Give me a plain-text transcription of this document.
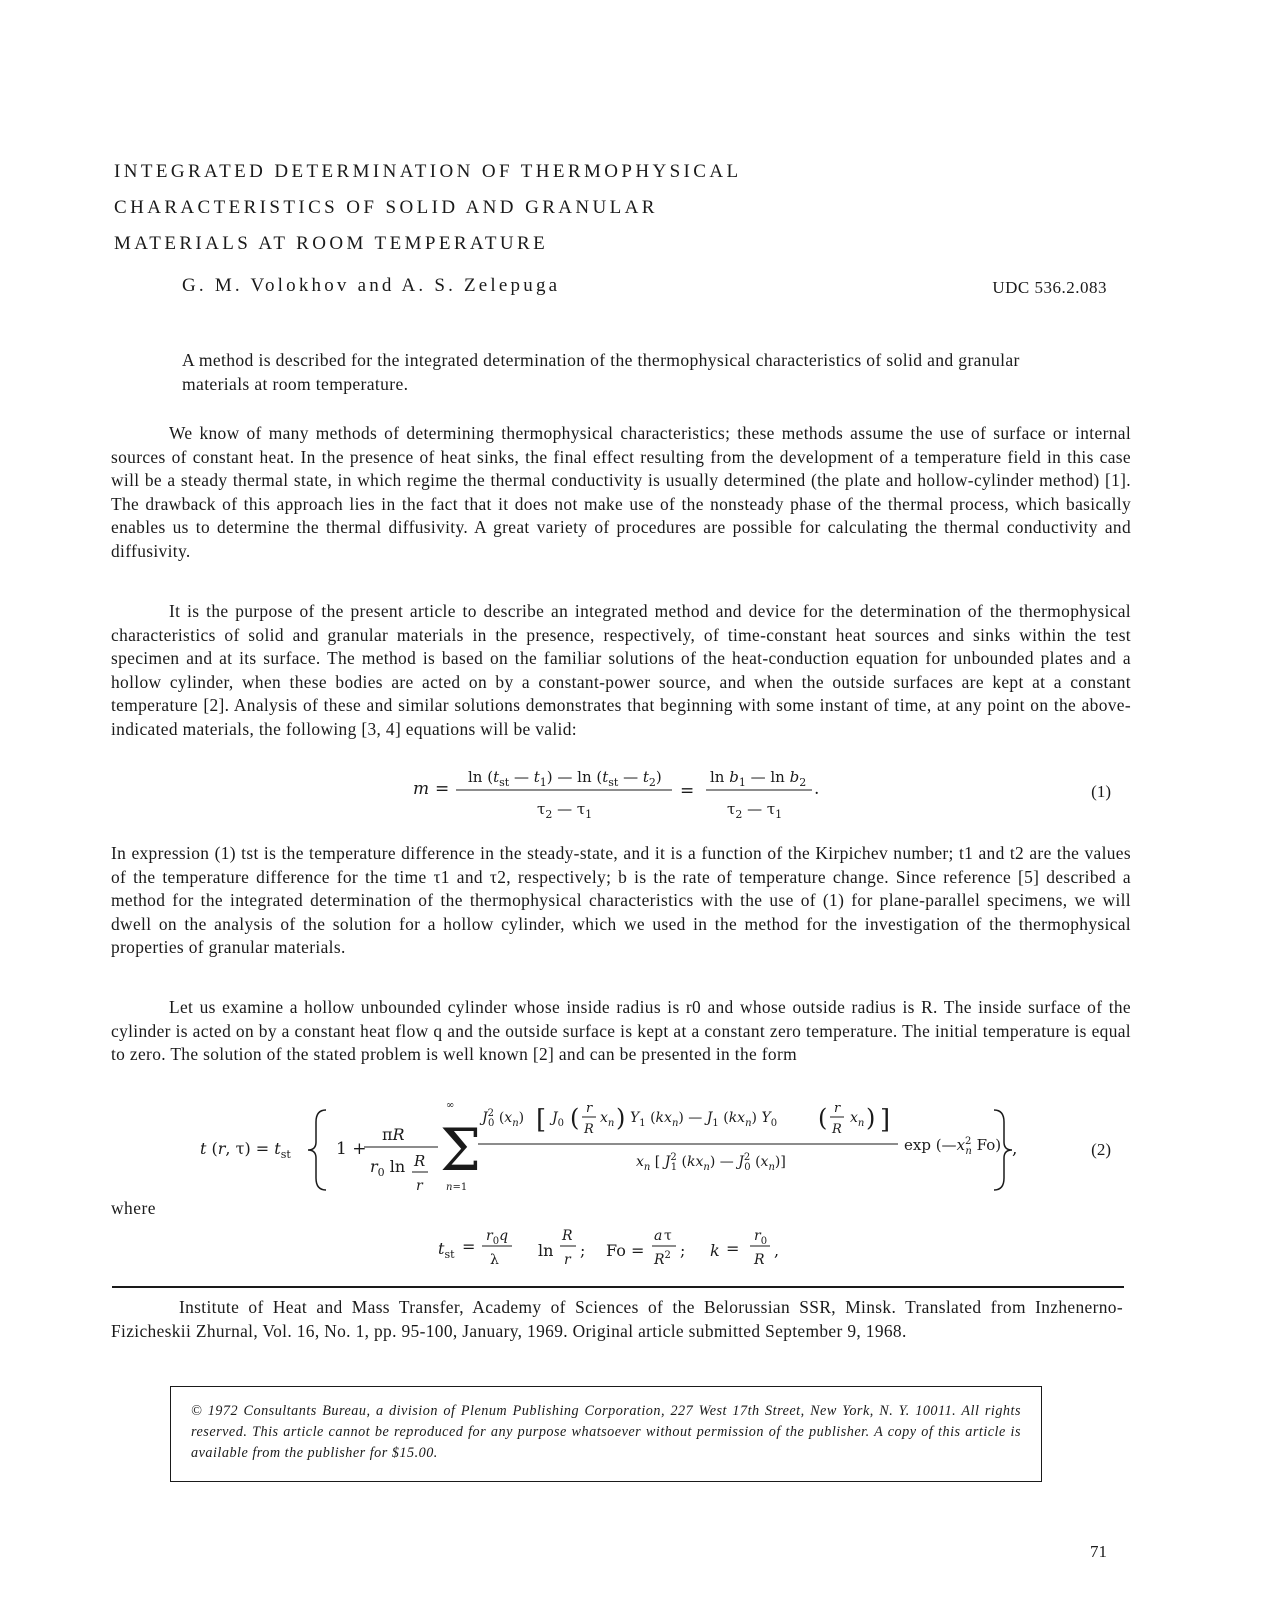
INTEGRATED DETERMINATION OF THERMOPHYSICAL
CHARACTERISTICS OF SOLID AND GRANULAR
MATERIALS AT ROOM TEMPERATURE
G. M. Volokhov and A. S. Zelepuga	UDC 536.2.083

A method is described for the integrated determination of the thermophysical characteristics of solid and granular materials at room temperature.

We know of many methods of determining thermophysical characteristics; these methods assume the use of surface or internal sources of constant heat. In the presence of heat sinks, the final effect resulting from the development of a temperature field in this case will be a steady thermal state, in which regime the thermal conductivity is usually determined (the plate and hollow-cylinder method) [1]. The drawback of this approach lies in the fact that it does not make use of the nonsteady phase of the thermal process, which basically enables us to determine the thermal diffusivity. A great variety of procedures are possible for calculating the thermal conductivity and diffusivity.

It is the purpose of the present article to describe an integrated method and device for the determination of the thermophysical characteristics of solid and granular materials in the presence, respectively, of time-constant heat sources and sinks within the test specimen and at its surface. The method is based on the familiar solutions of the heat-conduction equation for unbounded plates and a hollow cylinder, when these bodies are acted on by a constant-power source, and when the outside surfaces are kept at a constant temperature [2]. Analysis of these and similar solutions demonstrates that beginning with some instant of time, at any point on the above-indicated materials, the following [3, 4] equations will be valid:

m =
$\ln (t_{st}$ — $t_1$) — $\ln (t_{st}$ — $t_2$)
$\tau_2$ — $\tau_1$
=
$\ln b_1$ — $\ln b_2$
$\tau_2$ — $\tau_1$
.	(1)

In expression (1) tst is the temperature difference in the steady-state, and it is a function of the Kirpichev number; t1 and t2 are the values of the temperature difference for the time τ1 and τ2, respectively; b is the rate of temperature change. Since reference [5] described a method for the integrated determination of the thermophysical characteristics with the use of (1) for plane-parallel specimens, we will dwell on the analysis of the solution for a hollow cylinder, which we used in the method for the investigation of the thermophysical properties of granular materials.

Let us examine a hollow unbounded cylinder whose inside radius is r0 and whose outside radius is R. The inside surface of the cylinder is acted on by a constant heat flow q and the outside surface is kept at a constant zero temperature. The initial temperature is equal to zero. The solution of the stated problem is well known [2] and can be presented in the form

t (r, $\tau) = t_{st}$	1 +
πR
$r_0$ ln R
r
∞
Σ
n=1
$J^2$ 0 $(x_n)$ [ $J_0$ ( r
R
$x_n$ ) $Y_1$ $(kx_n)$ — $J_1$ $(kx_n)$ $Y_0$ ( r
R
$x_n$ ) ]
$x_n$ [ $J^2$ 1 $(kx_n)$ — $J^2$ 0 $(x_n)$]
$\exp (—x^2$ n Fo) ,	(2)
where
$t_{st}$ =
$r_0q$
λ ln
R
r ; Fo =
a τ
$R^2$ ; k =
$r_0$
R ,

Institute of Heat and Mass Transfer, Academy of Sciences of the Belorussian SSR, Minsk. Translated from Inzhenerno-Fizicheskii Zhurnal, Vol. 16, No. 1, pp. 95-100, January, 1969. Original article submitted September 9, 1968.

© 1972 Consultants Bureau, a division of Plenum Publishing Corporation, 227 West 17th Street, New York, N. Y. 10011. All rights reserved. This article cannot be reproduced for any purpose whatsoever without permission of the publisher. A copy of this article is available from the publisher for $15.00.

71
